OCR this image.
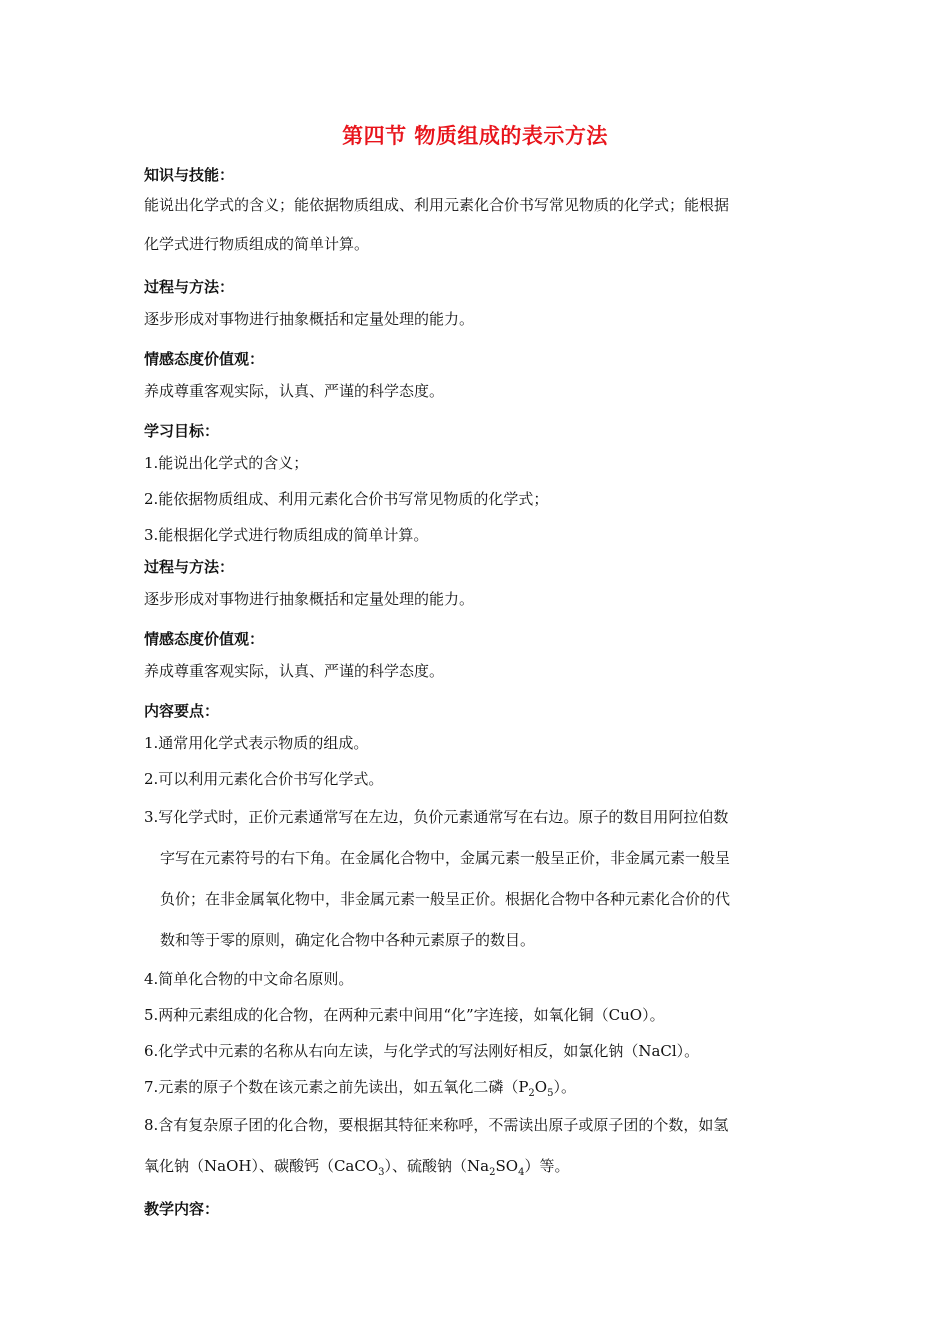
第四节 物质组成的表示方法
知识与技能：
能说出化学式的含义；能依据物质组成、利用元素化合价书写常见物质的化学式；能根据
化学式进行物质组成的简单计算。
过程与方法：
逐步形成对事物进行抽象概括和定量处理的能力。
情感态度价值观：
养成尊重客观实际，认真、严谨的科学态度。
学习目标：
1.能说出化学式的含义；
2.能依据物质组成、利用元素化合价书写常见物质的化学式；
3.能根据化学式进行物质组成的简单计算。
过程与方法：
逐步形成对事物进行抽象概括和定量处理的能力。
情感态度价值观：
养成尊重客观实际，认真、严谨的科学态度。
内容要点：
1.通常用化学式表示物质的组成。
2.可以利用元素化合价书写化学式。
3.写化学式时，正价元素通常写在左边，负价元素通常写在右边。原子的数目用阿拉伯数
字写在元素符号的右下角。在金属化合物中，金属元素一般呈正价，非金属元素一般呈
负价；在非金属氧化物中，非金属元素一般呈正价。根据化合物中各种元素化合价的代
数和等于零的原则，确定化合物中各种元素原子的数目。
4.简单化合物的中文命名原则。
5.两种元素组成的化合物，在两种元素中间用“化”字连接，如氧化铜（CuO）。
6.化学式中元素的名称从右向左读，与化学式的写法刚好相反，如氯化钠（NaCl）。
7.元素的原子个数在该元素之前先读出，如五氧化二磷$(P_2O_5)$。
8.含有复杂原子团的化合物，要根据其特征来称呼，不需读出原子或原子团的个数，如氢
氧化钠（NaOH）、碳酸钙（CaCO$_3$）、硫酸钠$(Na_2SO_4)$等。
教学内容：
